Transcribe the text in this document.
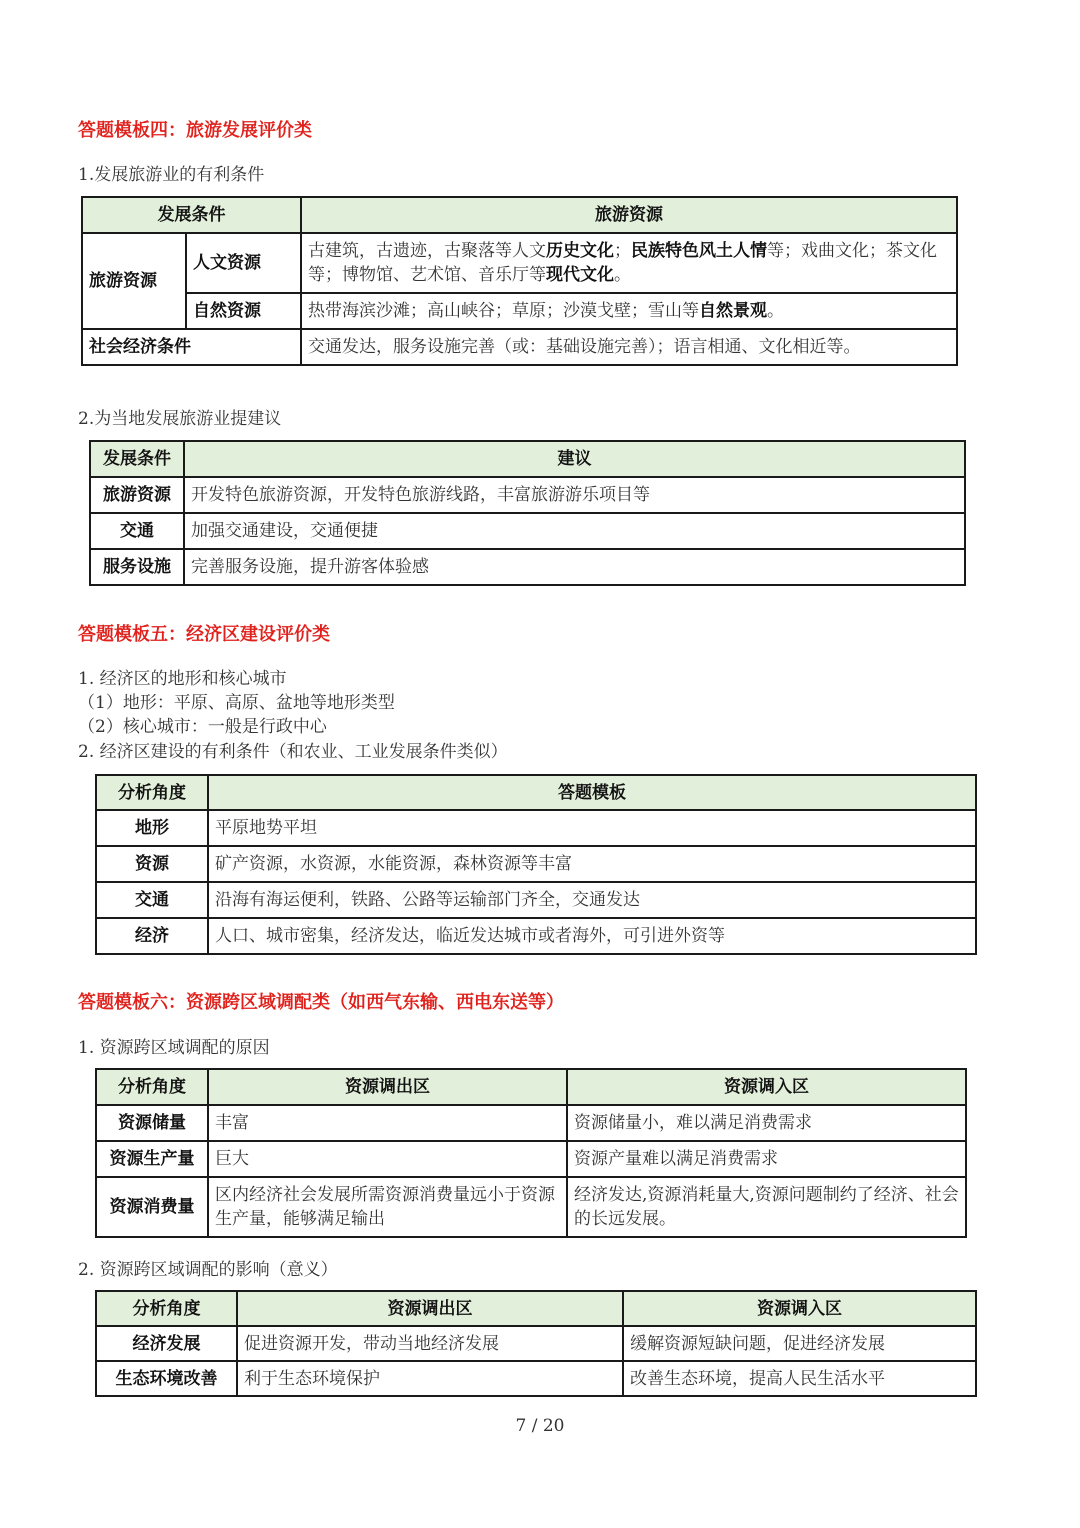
答题模板四：旅游发展评价类
1.发展旅游业的有利条件
发展条件		旅游资源
旅游资源	人文资源	古建筑，古遗迹，古聚落等人文历史文化；民族特色风土人情等；戏曲文化；茶文化等；博物馆、艺术馆、音乐厅等现代文化。
	自然资源	热带海滨沙滩；高山峡谷；草原；沙漠戈壁；雪山等自然景观。
社会经济条件		交通发达，服务设施完善（或：基础设施完善）；语言相通、文化相近等。
2.为当地发展旅游业提建议
发展条件	建议
旅游资源	开发特色旅游资源，开发特色旅游线路，丰富旅游游乐项目等
交通	加强交通建设，交通便捷
服务设施	完善服务设施，提升游客体验感
答题模板五：经济区建设评价类
1. 经济区的地形和核心城市
（1）地形：平原、高原、盆地等地形类型
（2）核心城市：一般是行政中心
2. 经济区建设的有利条件（和农业、工业发展条件类似）
分析角度	答题模板
地形	平原地势平坦
资源	矿产资源，水资源，水能资源，森林资源等丰富
交通	沿海有海运便利，铁路、公路等运输部门齐全，交通发达
经济	人口、城市密集，经济发达，临近发达城市或者海外，可引进外资等
答题模板六：资源跨区域调配类（如西气东输、西电东送等）
1. 资源跨区域调配的原因
分析角度	资源调出区	资源调入区
资源储量	丰富	资源储量小，难以满足消费需求
资源生产量	巨大	资源产量难以满足消费需求
资源消费量	区内经济社会发展所需资源消费量远小于资源生产量，能够满足输出	经济发达,资源消耗量大,资源问题制约了经济、社会的长远发展。
2. 资源跨区域调配的影响（意义）
分析角度	资源调出区	资源调入区
经济发展	促进资源开发，带动当地经济发展	缓解资源短缺问题，促进经济发展
生态环境改善	利于生态环境保护	改善生态环境，提高人民生活水平
7 / 20
